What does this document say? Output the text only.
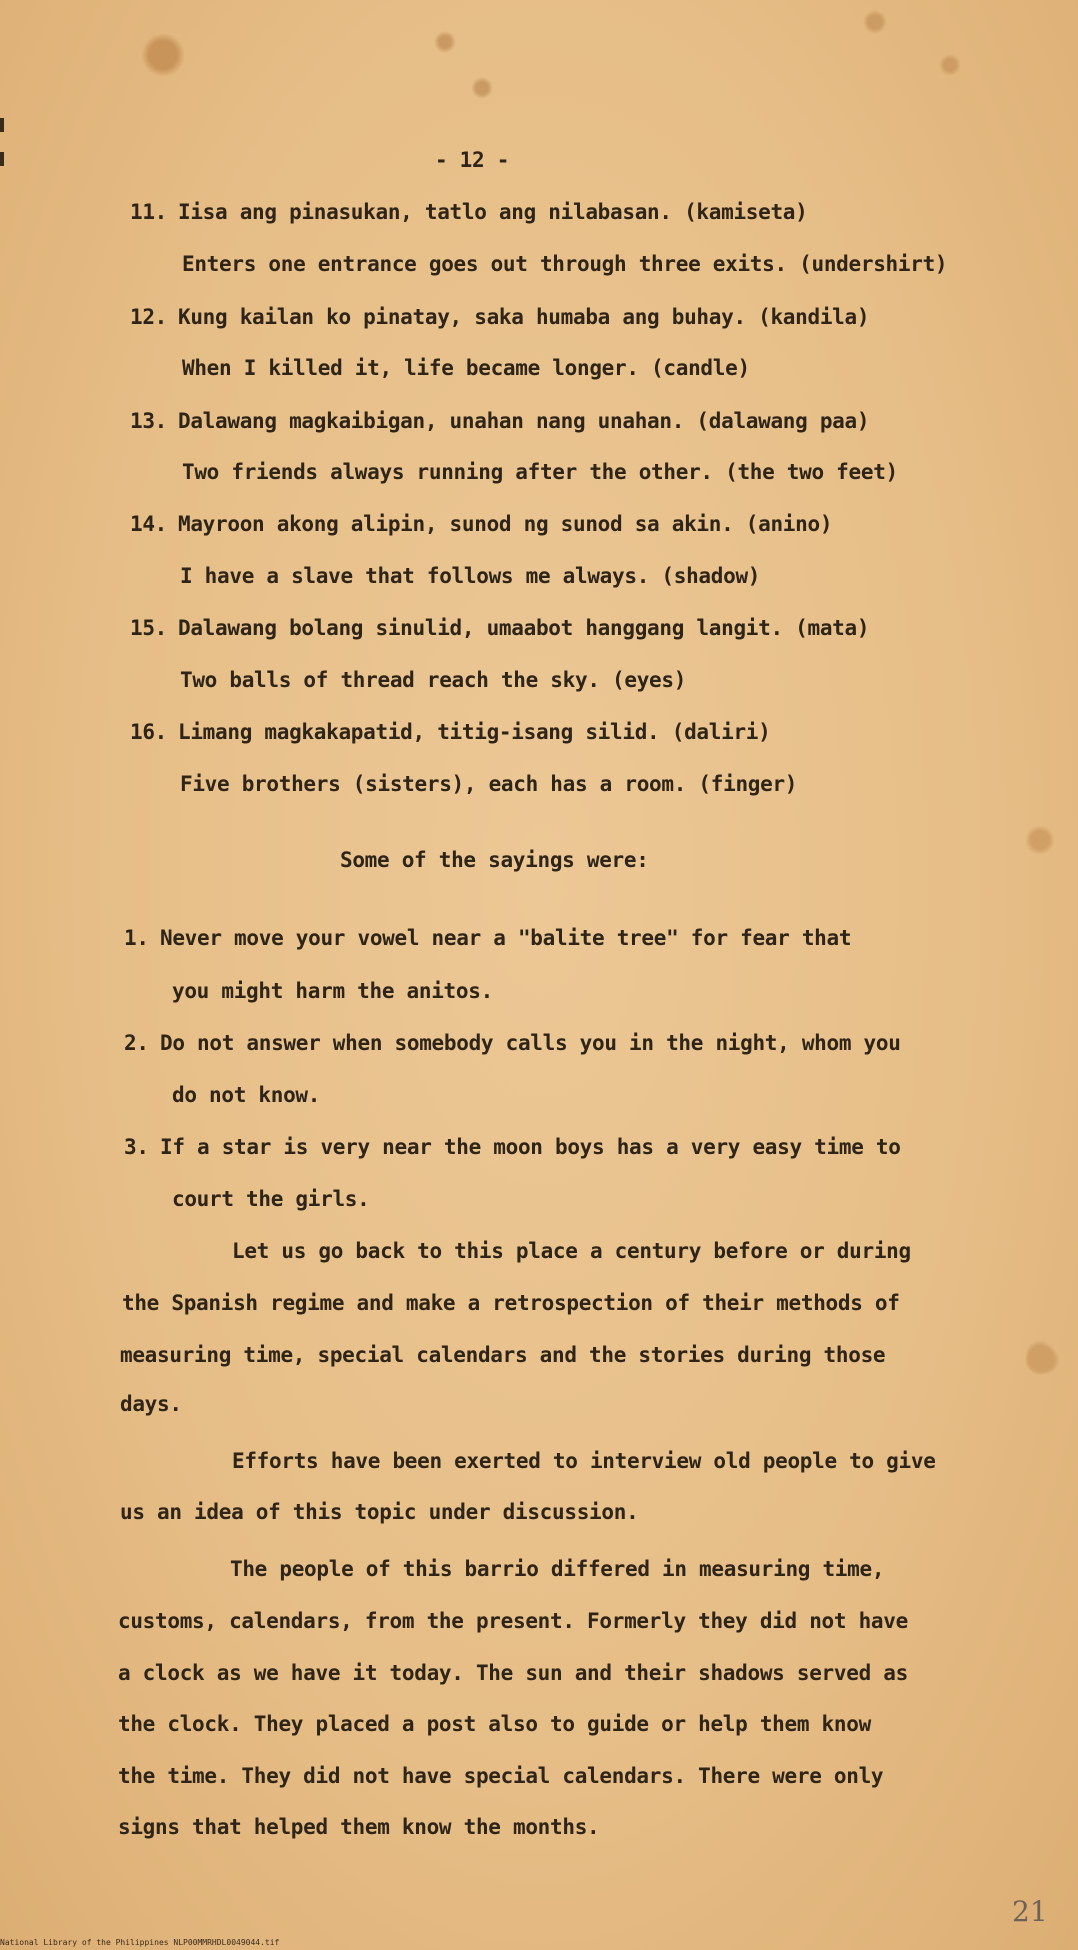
- 12 -
11. Iisa ang pinasukan, tatlo ang nilabasan. (kamiseta)
Enters one entrance goes out through three exits. (undershirt)
12. Kung kailan ko pinatay, saka humaba ang buhay. (kandila)
When I killed it, life became longer. (candle)
13. Dalawang magkaibigan, unahan nang unahan. (dalawang paa)
Two friends always running after the other. (the two feet)
14. Mayroon akong alipin, sunod ng sunod sa akin. (anino)
I have a slave that follows me always. (shadow)
15. Dalawang bolang sinulid, umaabot hanggang langit. (mata)
Two balls of thread reach the sky. (eyes)
16. Limang magkakapatid, titig-isang silid. (daliri)
Five brothers (sisters), each has a room. (finger)
Some of the sayings were:
1. Never move your vowel near a "balite tree" for fear that
you might harm the anitos.
2. Do not answer when somebody calls you in the night, whom you
do not know.
3. If a star is very near the moon boys has a very easy time to
court the girls.
Let us go back to this place a century before or during
the Spanish regime and make a retrospection of their methods of
measuring time, special calendars and the stories during those
days.
Efforts have been exerted to interview old people to give
us an idea of this topic under discussion.
The people of this barrio differed in measuring time,
customs, calendars, from the present. Formerly they did not have
a clock as we have it today. The sun and their shadows served as
the clock. They placed a post also to guide or help them know
the time. They did not have special calendars. There were only
signs that helped them know the months.
21
National Library of the Philippines NLP00MMRHDL0049044.tif
